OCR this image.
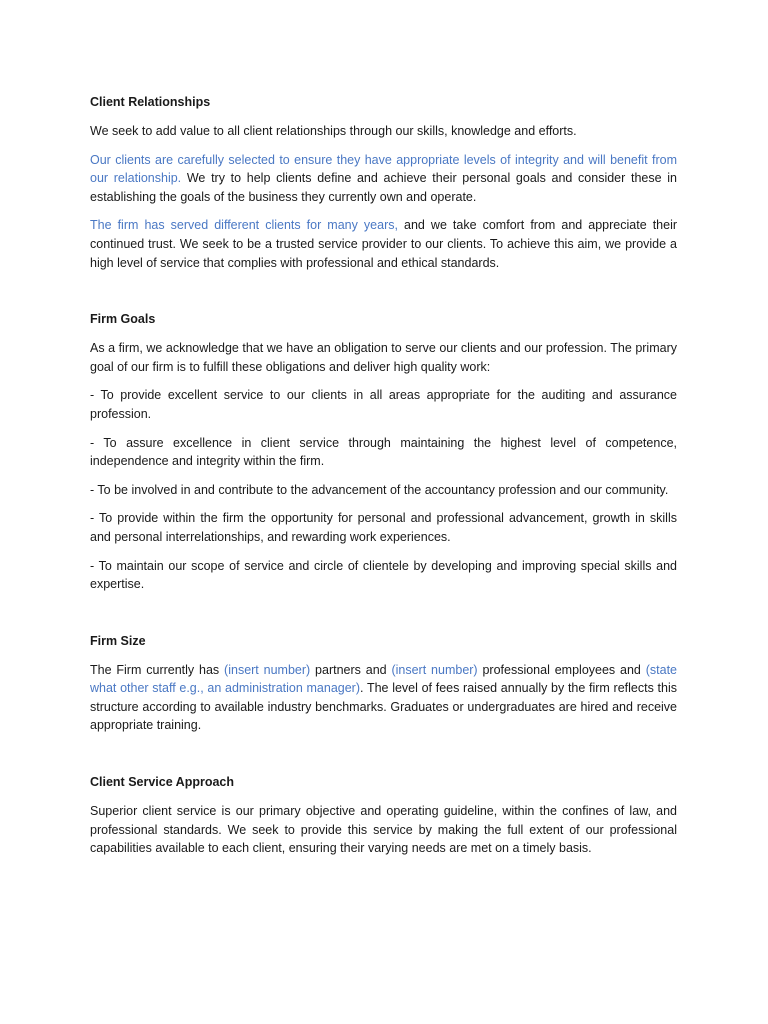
Client Relationships

We seek to add value to all client relationships through our skills, knowledge and efforts.

Our clients are carefully selected to ensure they have appropriate levels of integrity and will benefit from our relationship. We try to help clients define and achieve their personal goals and consider these in establishing the goals of the business they currently own and operate.

The firm has served different clients for many years, and we take comfort from and appreciate their continued trust. We seek to be a trusted service provider to our clients. To achieve this aim, we provide a high level of service that complies with professional and ethical standards.

Firm Goals

As a firm, we acknowledge that we have an obligation to serve our clients and our profession. The primary goal of our firm is to fulfill these obligations and deliver high quality work:

- To provide excellent service to our clients in all areas appropriate for the auditing and assurance profession.

- To assure excellence in client service through maintaining the highest level of competence, independence and integrity within the firm.

- To be involved in and contribute to the advancement of the accountancy profession and our community.

- To provide within the firm the opportunity for personal and professional advancement, growth in skills and personal interrelationships, and rewarding work experiences.

- To maintain our scope of service and circle of clientele by developing and improving special skills and expertise.

Firm Size

The Firm currently has (insert number) partners and (insert number) professional employees and (state what other staff e.g., an administration manager). The level of fees raised annually by the firm reflects this structure according to available industry benchmarks. Graduates or undergraduates are hired and receive appropriate training.

Client Service Approach

Superior client service is our primary objective and operating guideline, within the confines of law, and professional standards. We seek to provide this service by making the full extent of our professional capabilities available to each client, ensuring their varying needs are met on a timely basis.
